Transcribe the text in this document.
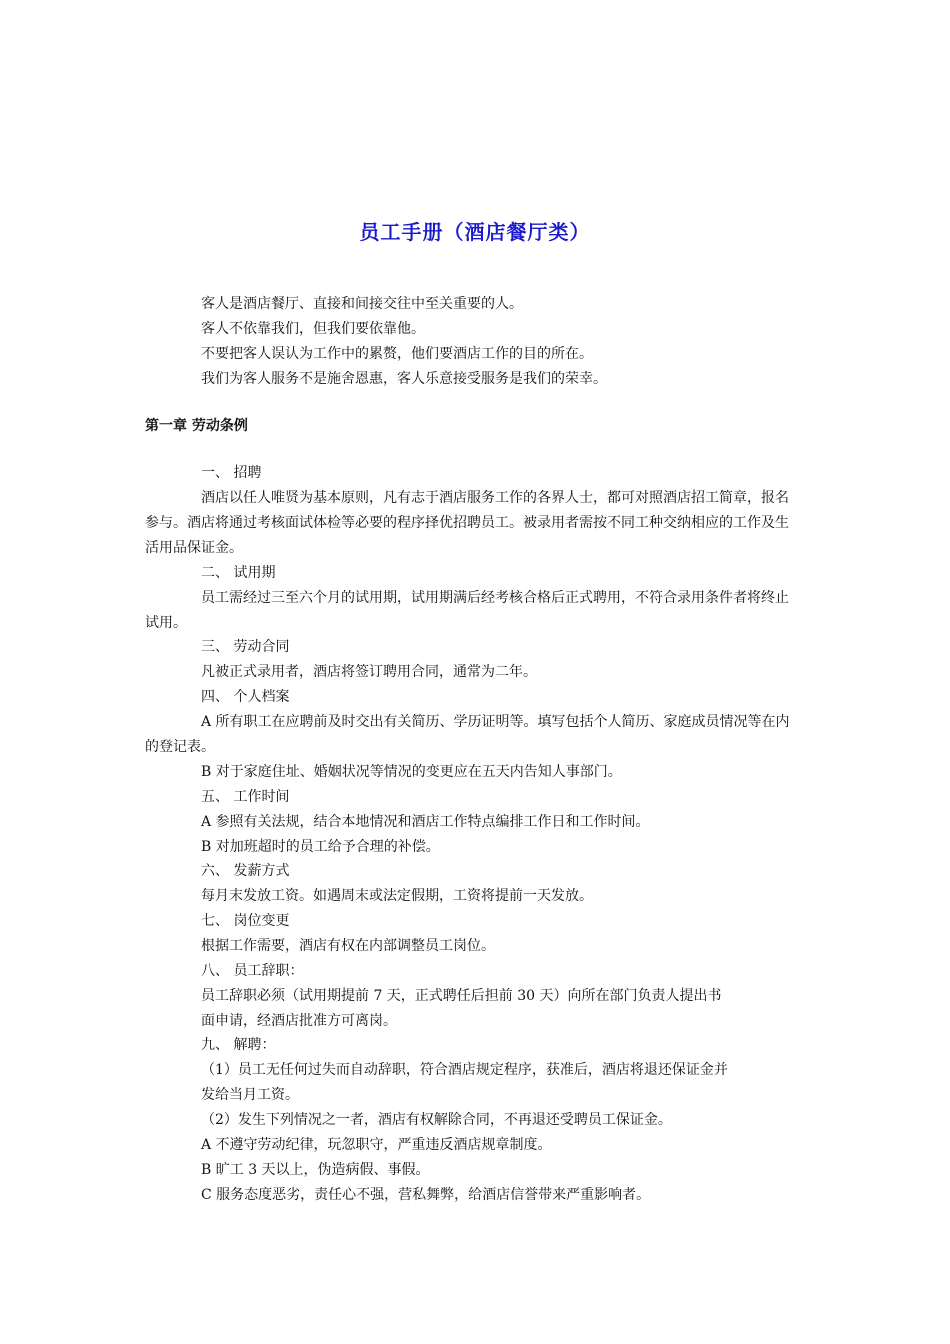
员工手册（酒店餐厅类）
客人是酒店餐厅、直接和间接交往中至关重要的人。
客人不依靠我们，但我们要依靠他。
不要把客人误认为工作中的累赘，他们要酒店工作的目的所在。
我们为客人服务不是施舍恩惠，客人乐意接受服务是我们的荣幸。
第一章 劳动条例
一、 招聘
酒店以任人唯贤为基本原则，凡有志于酒店服务工作的各界人士，都可对照酒店招工简章，报名
参与。酒店将通过考核面试体检等必要的程序择优招聘员工。被录用者需按不同工种交纳相应的工作及生
活用品保证金。
二、 试用期
员工需经过三至六个月的试用期，试用期满后经考核合格后正式聘用，不符合录用条件者将终止
试用。
三、 劳动合同
凡被正式录用者，酒店将签订聘用合同，通常为二年。
四、 个人档案
A 所有职工在应聘前及时交出有关简历、学历证明等。填写包括个人简历、家庭成员情况等在内
的登记表。
B 对于家庭住址、婚姻状况等情况的变更应在五天内告知人事部门。
五、 工作时间
A 参照有关法规，结合本地情况和酒店工作特点编排工作日和工作时间。
B 对加班超时的员工给予合理的补偿。
六、 发薪方式
每月末发放工资。如遇周末或法定假期，工资将提前一天发放。
七、 岗位变更
根据工作需要，酒店有权在内部调整员工岗位。
八、 员工辞职：
员工辞职必须（试用期提前 7 天，正式聘任后担前 30 天）向所在部门负责人提出书
面申请，经酒店批准方可离岗。
九、 解聘：
（1）员工无任何过失而自动辞职，符合酒店规定程序，获准后，酒店将退还保证金并
发给当月工资。
（2）发生下列情况之一者，酒店有权解除合同，不再退还受聘员工保证金。
A 不遵守劳动纪律，玩忽职守，严重违反酒店规章制度。
B 旷工 3 天以上，伪造病假、事假。
C 服务态度恶劣，责任心不强，营私舞弊，给酒店信誉带来严重影响者。
